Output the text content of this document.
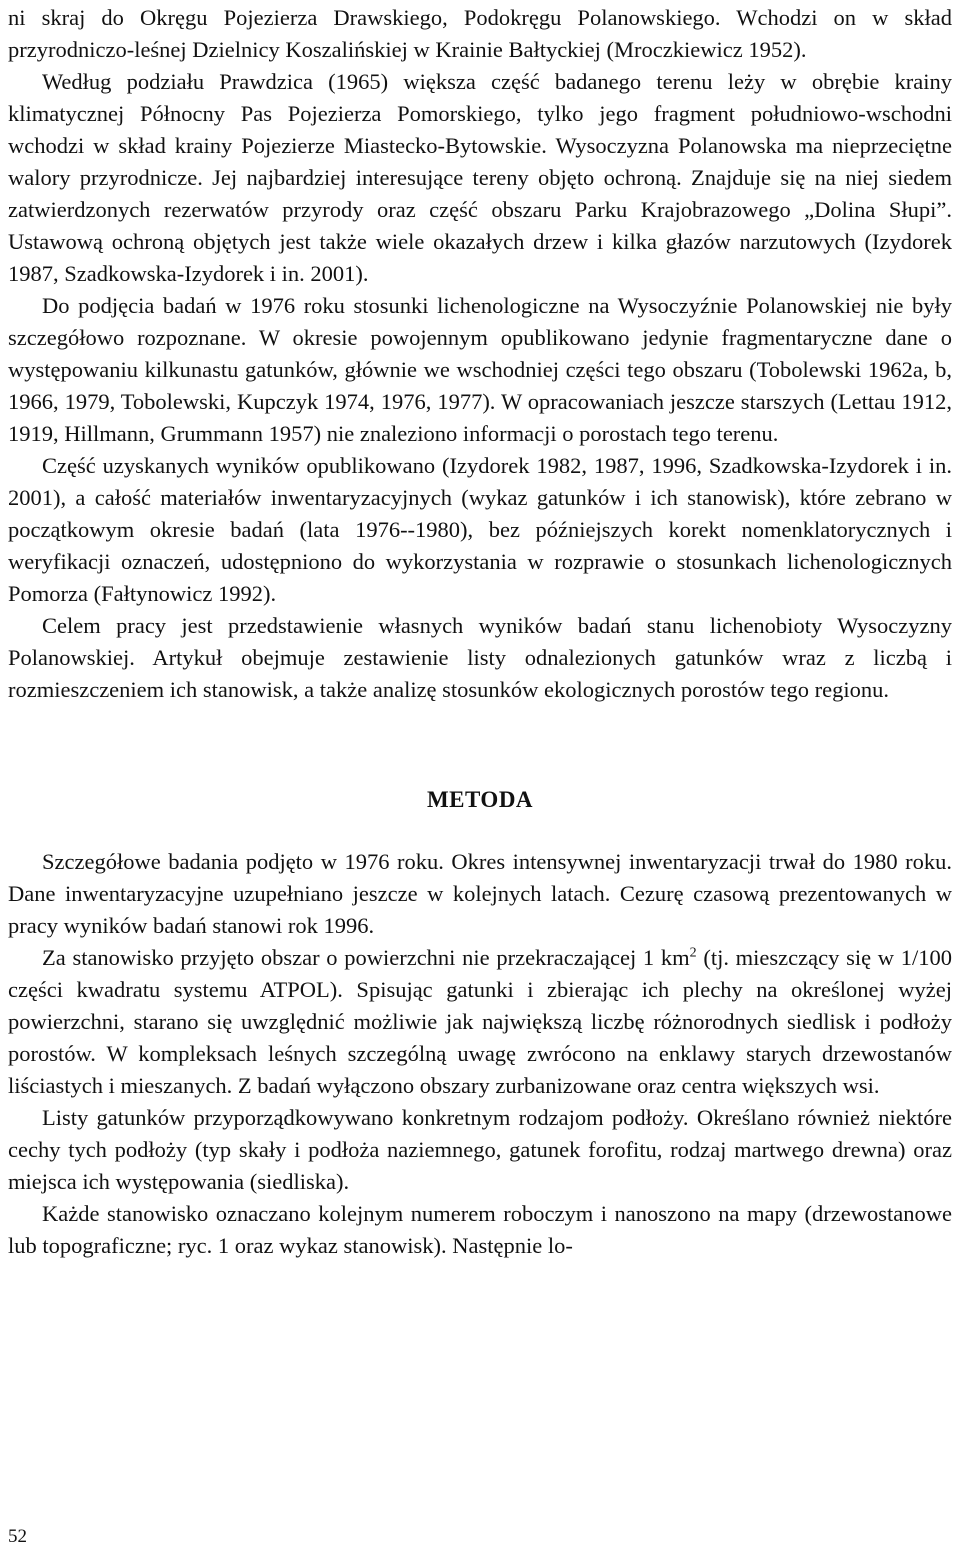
ni skraj do Okręgu Pojezierza Drawskiego, Podokręgu Polanowskiego. Wchodzi on w skład przyrodniczo-leśnej Dzielnicy Koszalińskiej w Krainie Bałtyckiej (Mroczkiewicz 1952).

Według podziału Prawdzica (1965) większa część badanego terenu leży w obrębie krainy klimatycznej Północny Pas Pojezierza Pomorskiego, tylko jego fragment południowo-wschodni wchodzi w skład krainy Pojezierze Miastecko-Bytowskie. Wysoczyzna Polanowska ma nieprzeciętne walory przyrodnicze. Jej najbardziej interesujące tereny objęto ochroną. Znajduje się na niej siedem zatwierdzonych rezerwatów przyrody oraz część obszaru Parku Krajobrazowego „Dolina Słupi”. Ustawową ochroną objętych jest także wiele okazałych drzew i kilka głazów narzutowych (Izydorek 1987, Szadkowska-Izydorek i in. 2001).

Do podjęcia badań w 1976 roku stosunki lichenologiczne na Wysoczyźnie Polanowskiej nie były szczegółowo rozpoznane. W okresie powojennym opublikowano jedynie fragmentaryczne dane o występowaniu kilkunastu gatunków, głównie we wschodniej części tego obszaru (Tobolewski 1962a, b, 1966, 1979, Tobolewski, Kupczyk 1974, 1976, 1977). W opracowaniach jeszcze starszych (Lettau 1912, 1919, Hillmann, Grummann 1957) nie znaleziono informacji o porostach tego terenu.

Część uzyskanych wyników opublikowano (Izydorek 1982, 1987, 1996, Szadkowska-Izydorek i in. 2001), a całość materiałów inwentaryzacyjnych (wykaz gatunków i ich stanowisk), które zebrano w początkowym okresie badań (lata 1976--1980), bez późniejszych korekt nomenklatorycznych i weryfikacji oznaczeń, udostępniono do wykorzystania w rozprawie o stosunkach lichenologicznych Pomorza (Fałtynowicz 1992).

Celem pracy jest przedstawienie własnych wyników badań stanu lichenobioty Wysoczyzny Polanowskiej. Artykuł obejmuje zestawienie listy odnalezionych gatunków wraz z liczbą i rozmieszczeniem ich stanowisk, a także analizę stosunków ekologicznych porostów tego regionu.

METODA

Szczegółowe badania podjęto w 1976 roku. Okres intensywnej inwentaryzacji trwał do 1980 roku. Dane inwentaryzacyjne uzupełniano jeszcze w kolejnych latach. Cezurę czasową prezentowanych w pracy wyników badań stanowi rok 1996.

Za stanowisko przyjęto obszar o powierzchni nie przekraczającej 1 $km^2$ (tj. mieszczący się w 1/100 części kwadratu systemu ATPOL). Spisując gatunki i zbierając ich plechy na określonej wyżej powierzchni, starano się uwzględnić możliwie jak największą liczbę różnorodnych siedlisk i podłoży porostów. W kompleksach leśnych szczególną uwagę zwrócono na enklawy starych drzewostanów liściastych i mieszanych. Z badań wyłączono obszary zurbanizowane oraz centra większych wsi.

Listy gatunków przyporządkowywano konkretnym rodzajom podłoży. Określano również niektóre cechy tych podłoży (typ skały i podłoża naziemnego, gatunek forofitu, rodzaj martwego drewna) oraz miejsca ich występowania (siedliska).

Każde stanowisko oznaczano kolejnym numerem roboczym i nanoszono na mapy (drzewostanowe lub topograficzne; ryc. 1 oraz wykaz stanowisk). Następnie lo-

52
